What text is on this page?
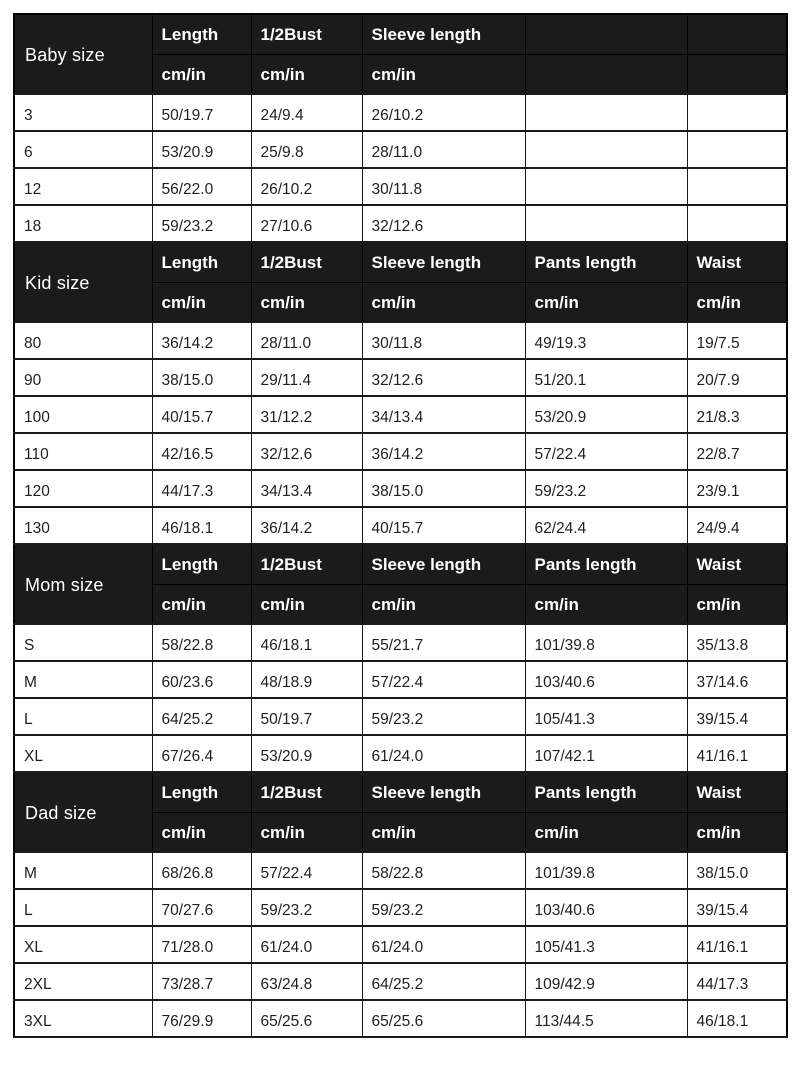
Baby size	Length	1/2Bust	Sleeve length		
	cm/in	cm/in	cm/in		
3	50/19.7	24/9.4	26/10.2		
6	53/20.9	25/9.8	28/11.0		
12	56/22.0	26/10.2	30/11.8		
18	59/23.2	27/10.6	32/12.6		
Kid size	Length	1/2Bust	Sleeve length	Pants length	Waist
	cm/in	cm/in	cm/in	cm/in	cm/in
80	36/14.2	28/11.0	30/11.8	49/19.3	19/7.5
90	38/15.0	29/11.4	32/12.6	51/20.1	20/7.9
100	40/15.7	31/12.2	34/13.4	53/20.9	21/8.3
110	42/16.5	32/12.6	36/14.2	57/22.4	22/8.7
120	44/17.3	34/13.4	38/15.0	59/23.2	23/9.1
130	46/18.1	36/14.2	40/15.7	62/24.4	24/9.4
Mom size	Length	1/2Bust	Sleeve length	Pants length	Waist
	cm/in	cm/in	cm/in	cm/in	cm/in
S	58/22.8	46/18.1	55/21.7	101/39.8	35/13.8
M	60/23.6	48/18.9	57/22.4	103/40.6	37/14.6
L	64/25.2	50/19.7	59/23.2	105/41.3	39/15.4
XL	67/26.4	53/20.9	61/24.0	107/42.1	41/16.1
Dad size	Length	1/2Bust	Sleeve length	Pants length	Waist
	cm/in	cm/in	cm/in	cm/in	cm/in
M	68/26.8	57/22.4	58/22.8	101/39.8	38/15.0
L	70/27.6	59/23.2	59/23.2	103/40.6	39/15.4
XL	71/28.0	61/24.0	61/24.0	105/41.3	41/16.1
2XL	73/28.7	63/24.8	64/25.2	109/42.9	44/17.3
3XL	76/29.9	65/25.6	65/25.6	113/44.5	46/18.1
